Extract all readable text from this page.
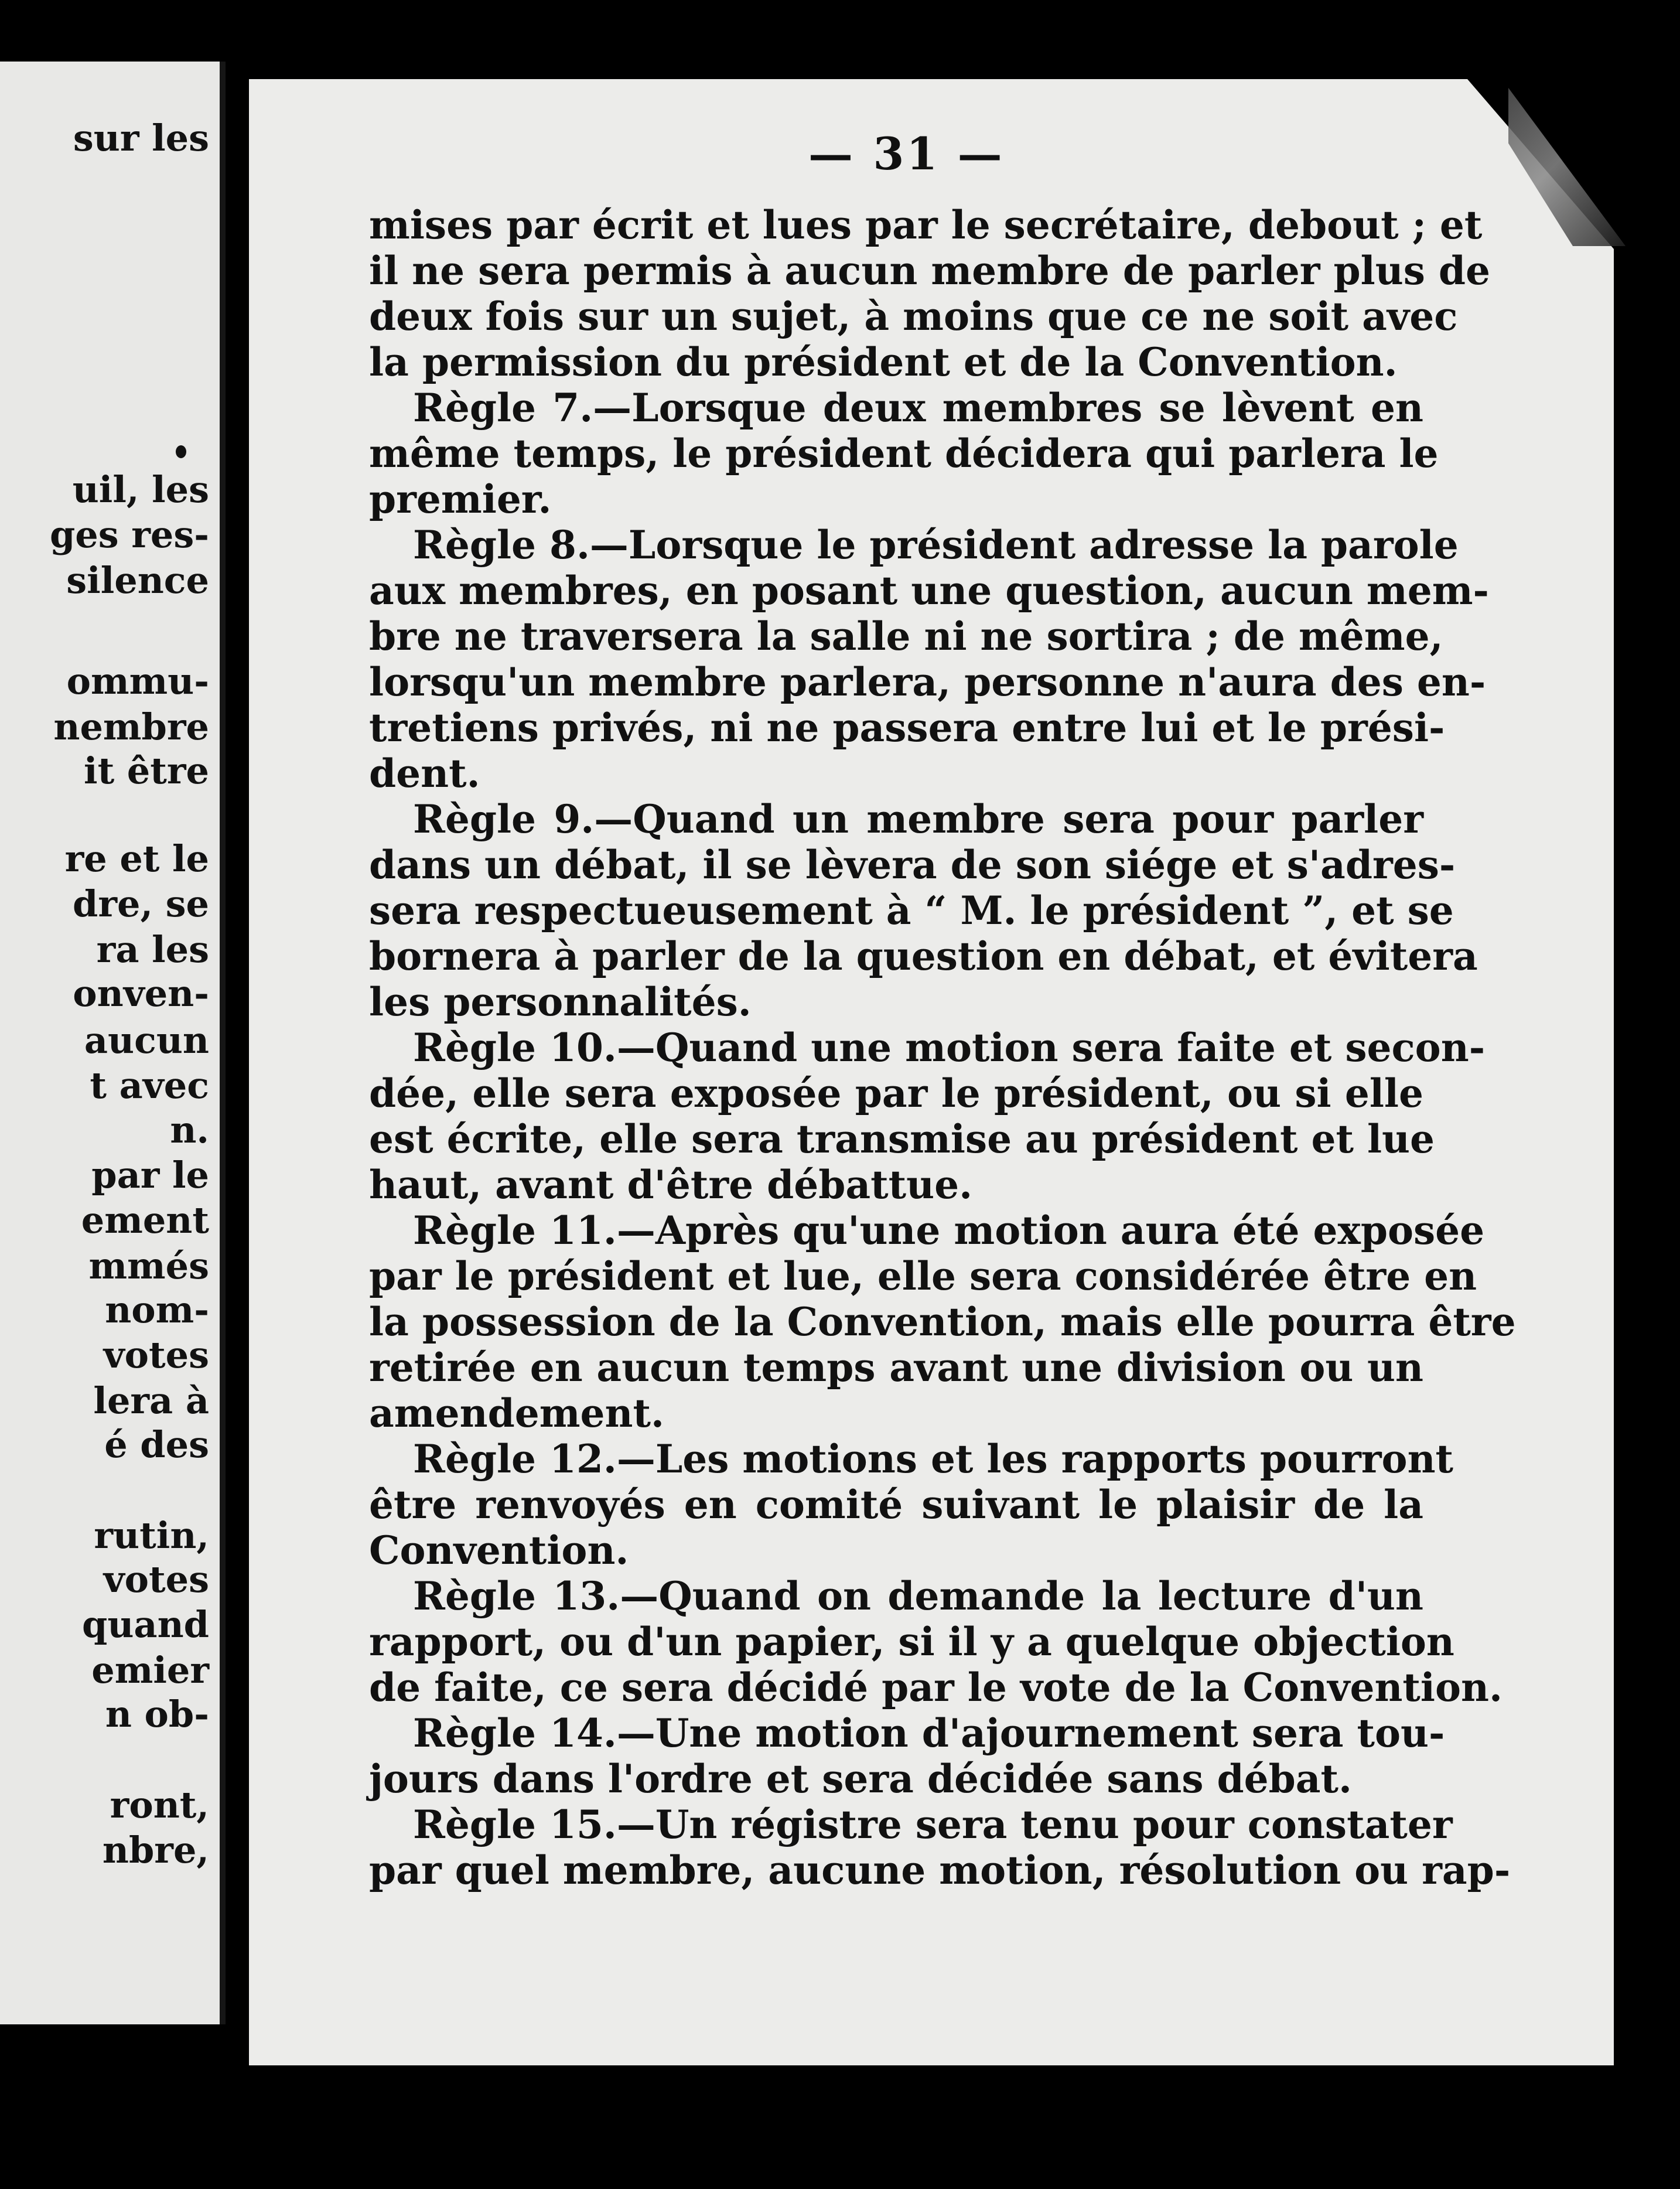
sur les
uil, les
ges res-
silence
ommu-
nembre
it être
re et le
dre, se
ra les
onven-
aucun
t avec
n.
par le
ement
mmés
nom-
votes
lera à
é des
rutin,
votes
quand
emier
n ob-
ront,
nbre,
— 31 —
mises par écrit et lues par le secrétaire, debout ; et
il ne sera permis à aucun membre de parler plus de
deux fois sur un sujet, à moins que ce ne soit avec
la permission du président et de la Convention.
Règle 7.—Lorsque deux membres se lèvent en
même temps, le président décidera qui parlera le
premier.
Règle 8.—Lorsque le président adresse la parole
aux membres, en posant une question, aucun mem-
bre ne traversera la salle ni ne sortira ; de même,
lorsqu'un membre parlera, personne n'aura des en-
tretiens privés, ni ne passera entre lui et le prési-
dent.
Règle 9.—Quand un membre sera pour parler
dans un débat, il se lèvera de son siége et s'adres-
sera respectueusement à “ M. le président ”, et se
bornera à parler de la question en débat, et évitera
les personnalités.
Règle 10.—Quand une motion sera faite et secon-
dée, elle sera exposée par le président, ou si elle
est écrite, elle sera transmise au président et lue
haut, avant d'être débattue.
Règle 11.—Après qu'une motion aura été exposée
par le président et lue, elle sera considérée être en
la possession de la Convention, mais elle pourra être
retirée en aucun temps avant une division ou un
amendement.
Règle 12.—Les motions et les rapports pourront
être renvoyés en comité suivant le plaisir de la
Convention.
Règle 13.—Quand on demande la lecture d'un
rapport, ou d'un papier, si il y a quelque objection
de faite, ce sera décidé par le vote de la Convention.
Règle 14.—Une motion d'ajournement sera tou-
jours dans l'ordre et sera décidée sans débat.
Règle 15.—Un régistre sera tenu pour constater
par quel membre, aucune motion, résolution ou rap-
